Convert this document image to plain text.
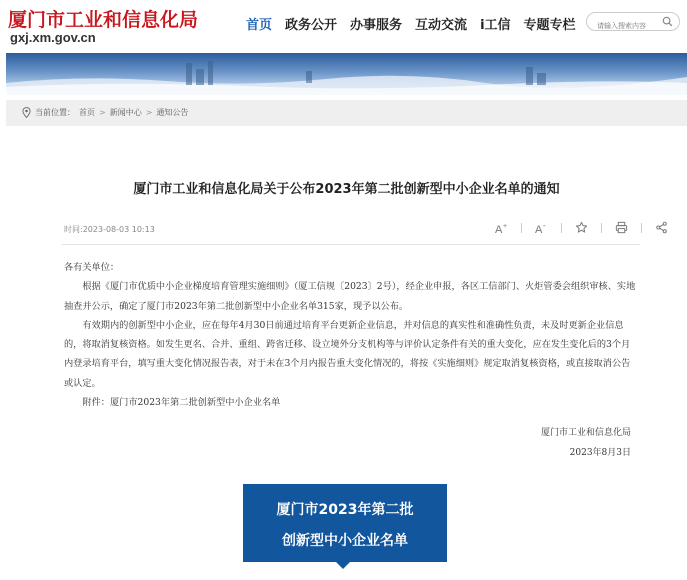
厦门市工业和信息化局
gxj.xm.gov.cn
首页 政务公开 办事服务 互动交流 i工信 专题专栏
请输入搜索内容
当前位置： 首页 > 新闻中心 > 通知公告
厦门市工业和信息化局关于公布2023年第二批创新型中小企业名单的通知
时间:2023-08-03 10:13	A +	A -

各有关单位：

根据《厦门市优质中小企业梯度培育管理实施细则》（厦工信规〔2023〕2号），经企业申报，各区工信部门、火炬管委会组织审核、实地抽查并公示，确定了厦门市2023年第二批创新型中小企业名单315家，现予以公布。

有效期内的创新型中小企业，应在每年4月30日前通过培育平台更新企业信息，并对信息的真实性和准确性负责，未及时更新企业信息的，将取消复核资格。如发生更名、合并、重组、跨省迁移、设立境外分支机构等与评价认定条件有关的重大变化，应在发生变化后的3个月内登录培育平台，填写重大变化情况报告表，对于未在3个月内报告重大变化情况的，将按《实施细则》规定取消复核资格，或直接取消公告或认定。

附件：厦门市2023年第二批创新型中小企业名单

厦门市工业和信息化局
2023年8月3日
厦门市2023年第二批
创新型中小企业名单
